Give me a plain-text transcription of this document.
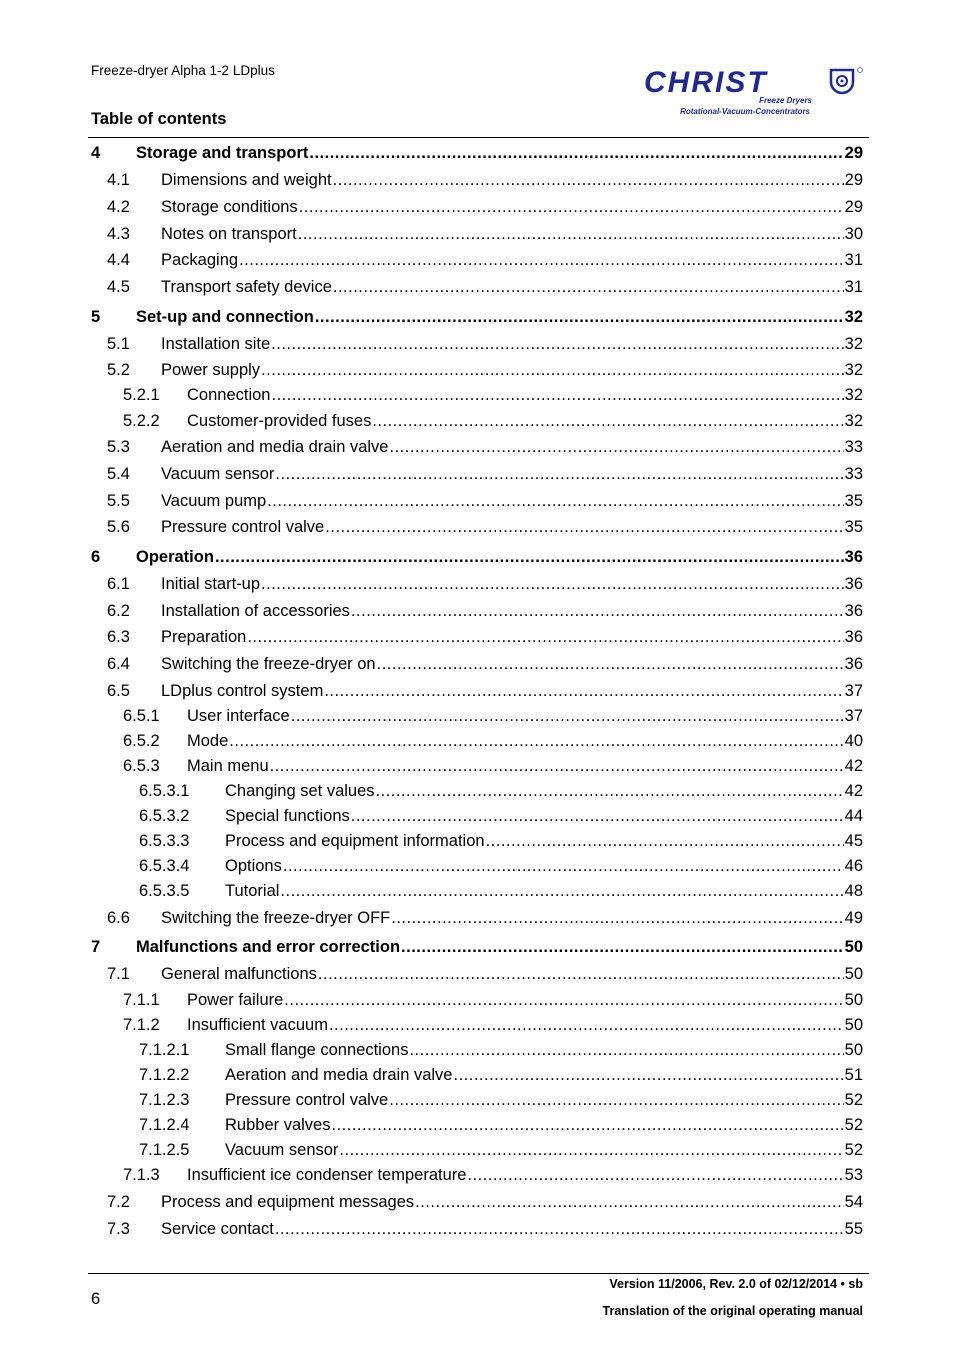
Freeze-dryer Alpha 1-2 LDplus
Table of contents
CHRIST
Freeze Dryers
Rotational-Vacuum-Concentrators
4 Storage and transport .....	29
4.1 Dimensions and weight .....	29
4.2 Storage conditions .....	29
4.3 Notes on transport .....	30
4.4 Packaging .....	31
4.5 Transport safety device .....	31
5 Set-up and connection .....	32
5.1 Installation site .....	32
5.2 Power supply .....	32
5.2.1 Connection .....	32
5.2.2 Customer-provided fuses .....	32
5.3 Aeration and media drain valve .....	33
5.4 Vacuum sensor .....	33
5.5 Vacuum pump .....	35
5.6 Pressure control valve .....	35
6 Operation .....	36
6.1 Initial start-up .....	36
6.2 Installation of accessories .....	36
6.3 Preparation .....	36
6.4 Switching the freeze-dryer on .....	36
6.5 LDplus control system .....	37
6.5.1 User interface .....	37
6.5.2 Mode .....	40
6.5.3 Main menu .....	42
6.5.3.1 Changing set values .....	42
6.5.3.2 Special functions .....	44
6.5.3.3 Process and equipment information .....	45
6.5.3.4 Options .....	46
6.5.3.5 Tutorial .....	48
6.6 Switching the freeze-dryer OFF .....	49
7 Malfunctions and error correction .....	50
7.1 General malfunctions .....	50
7.1.1 Power failure .....	50
7.1.2 Insufficient vacuum .....	50
7.1.2.1 Small flange connections .....	50
7.1.2.2 Aeration and media drain valve .....	51
7.1.2.3 Pressure control valve .....	52
7.1.2.4 Rubber valves .....	52
7.1.2.5 Vacuum sensor .....	52
7.1.3 Insufficient ice condenser temperature .....	53
7.2 Process and equipment messages .....	54
7.3 Service contact .....	55
6
Version 11/2006, Rev. 2.0 of 02/12/2014 • sb
Translation of the original operating manual
